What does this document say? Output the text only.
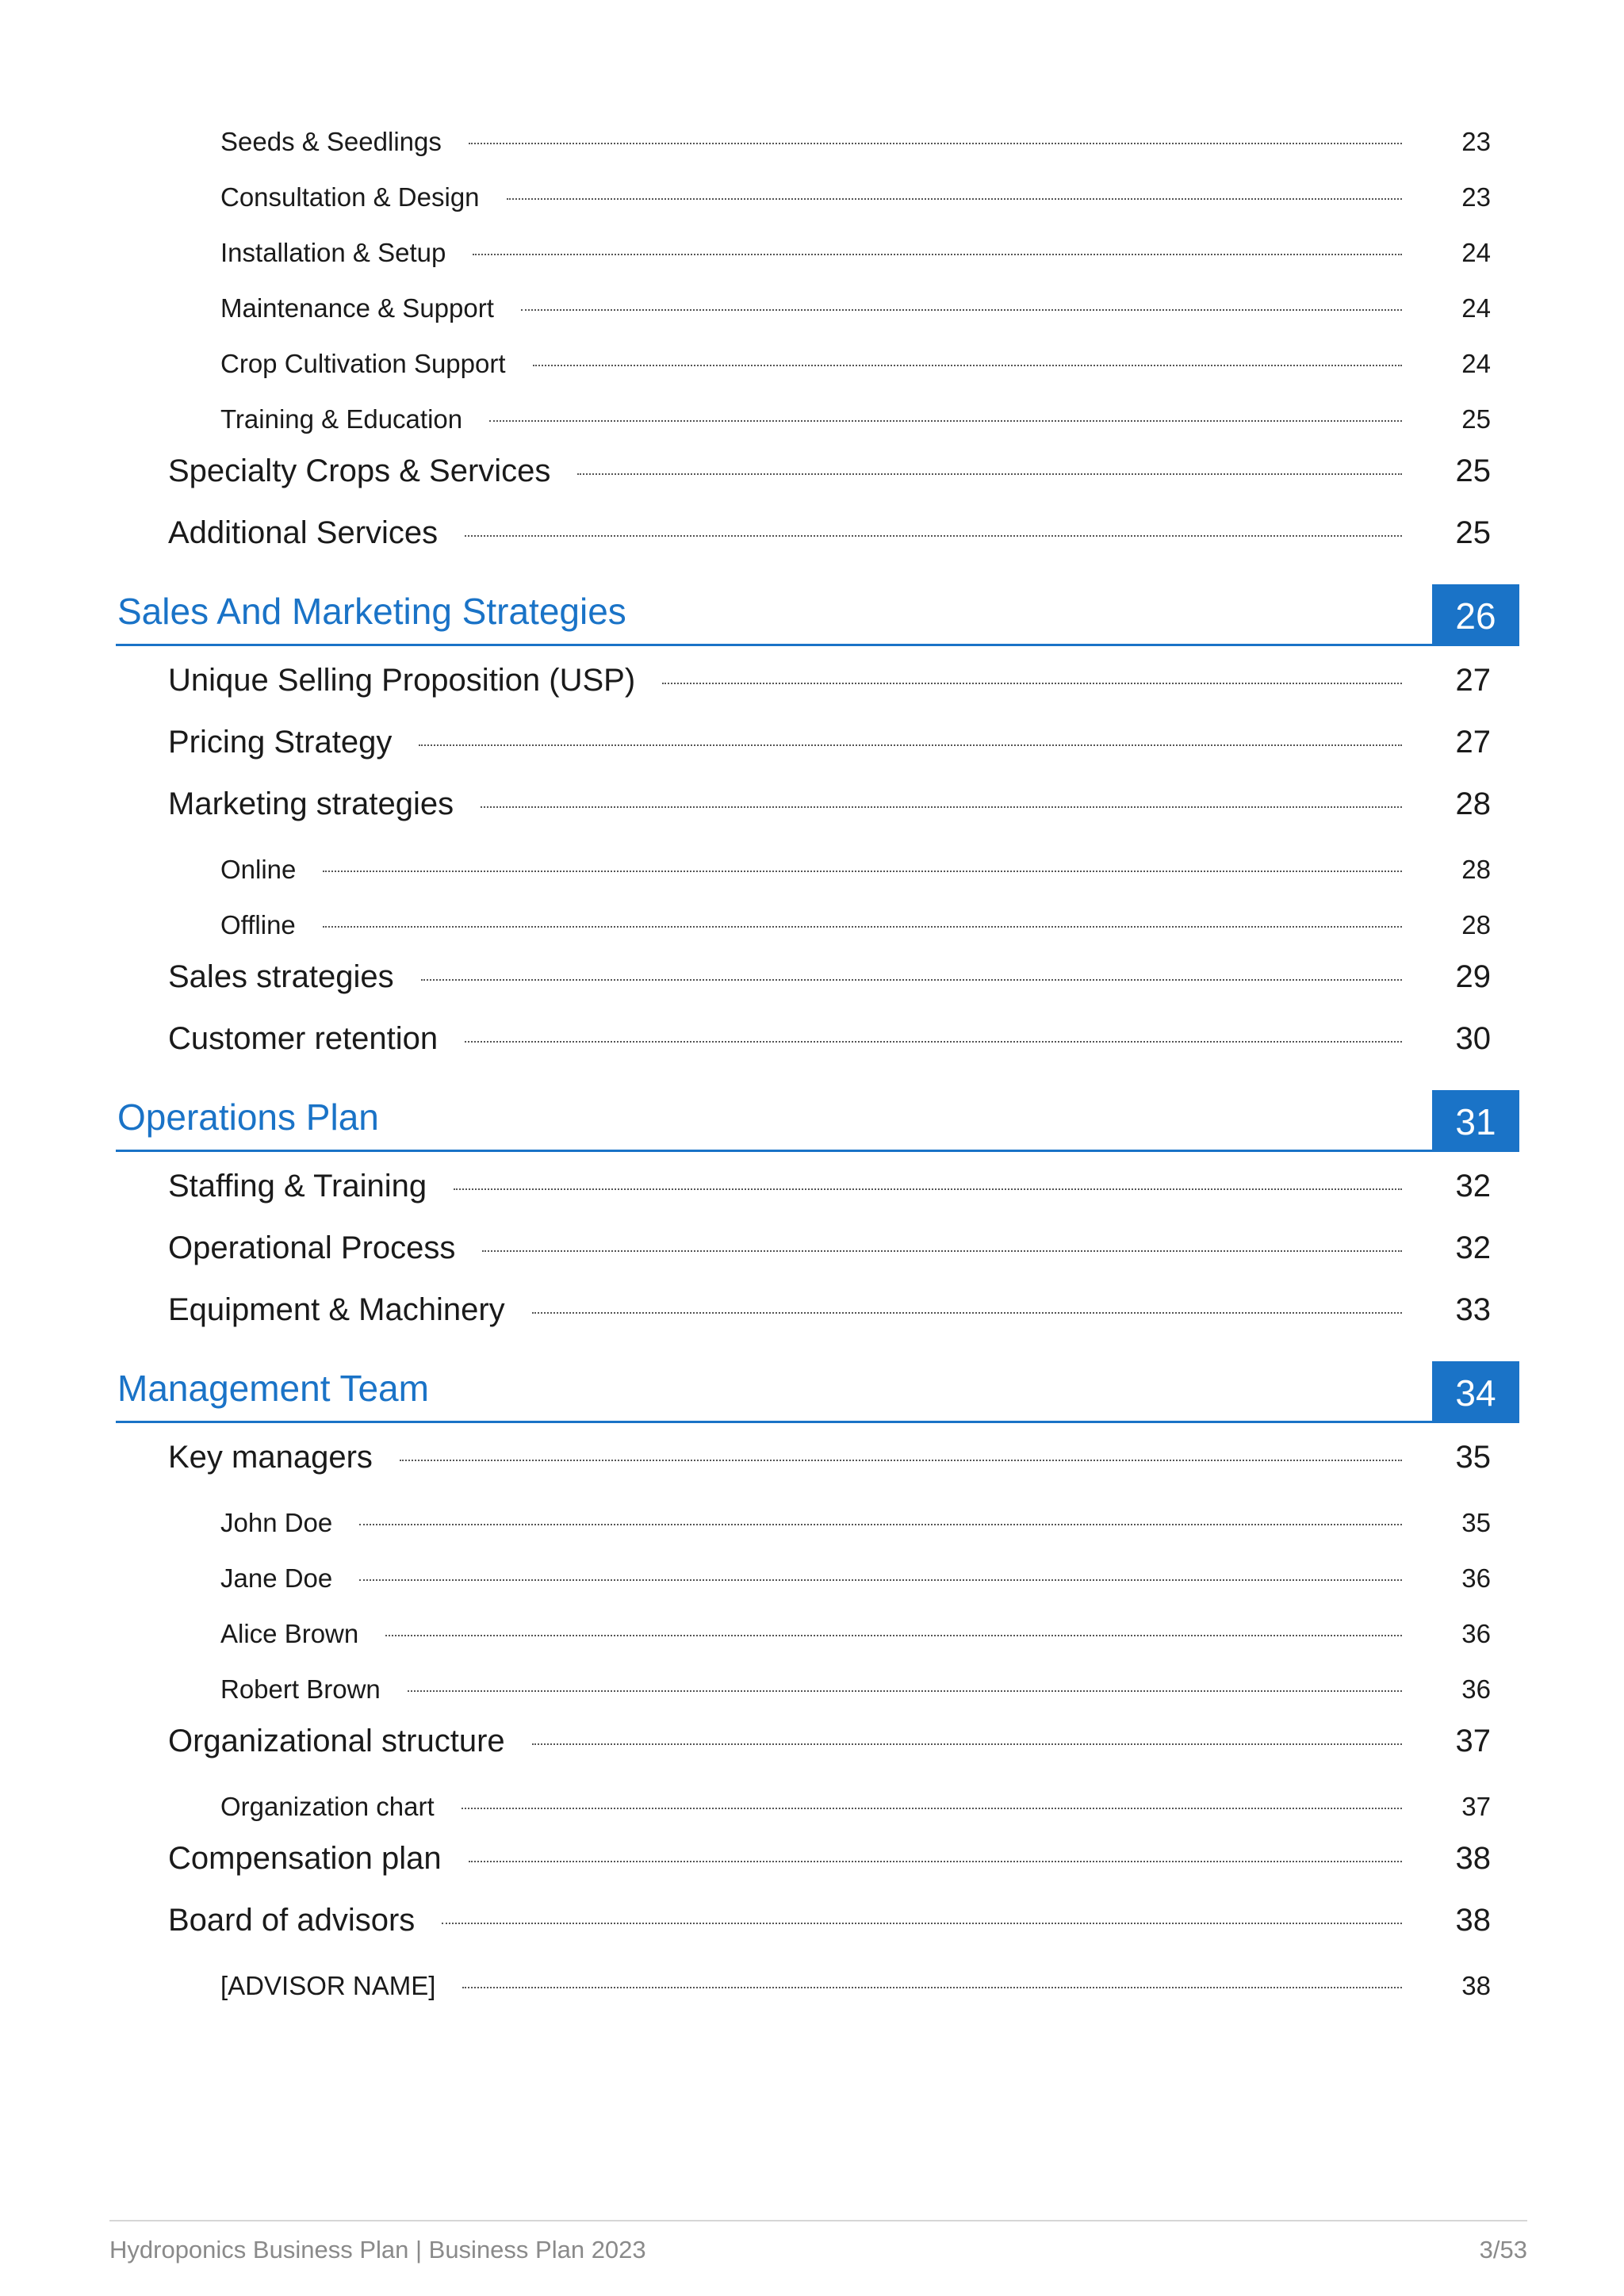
Seeds & Seedlings	23
Consultation & Design	23
Installation & Setup	24
Maintenance & Support	24
Crop Cultivation Support	24
Training & Education	25
Specialty Crops & Services	25
Additional Services	25
Sales And Marketing Strategies	26
Unique Selling Proposition (USP)	27
Pricing Strategy	27
Marketing strategies	28
Online	28
Offline	28
Sales strategies	29
Customer retention	30
Operations Plan	31
Staffing & Training	32
Operational Process	32
Equipment & Machinery	33
Management Team	34
Key managers	35
John Doe	35
Jane Doe	36
Alice Brown	36
Robert Brown	36
Organizational structure	37
Organization chart	37
Compensation plan	38
Board of advisors	38
[ADVISOR NAME]	38
Hydroponics Business Plan | Business Plan 2023	3/53
